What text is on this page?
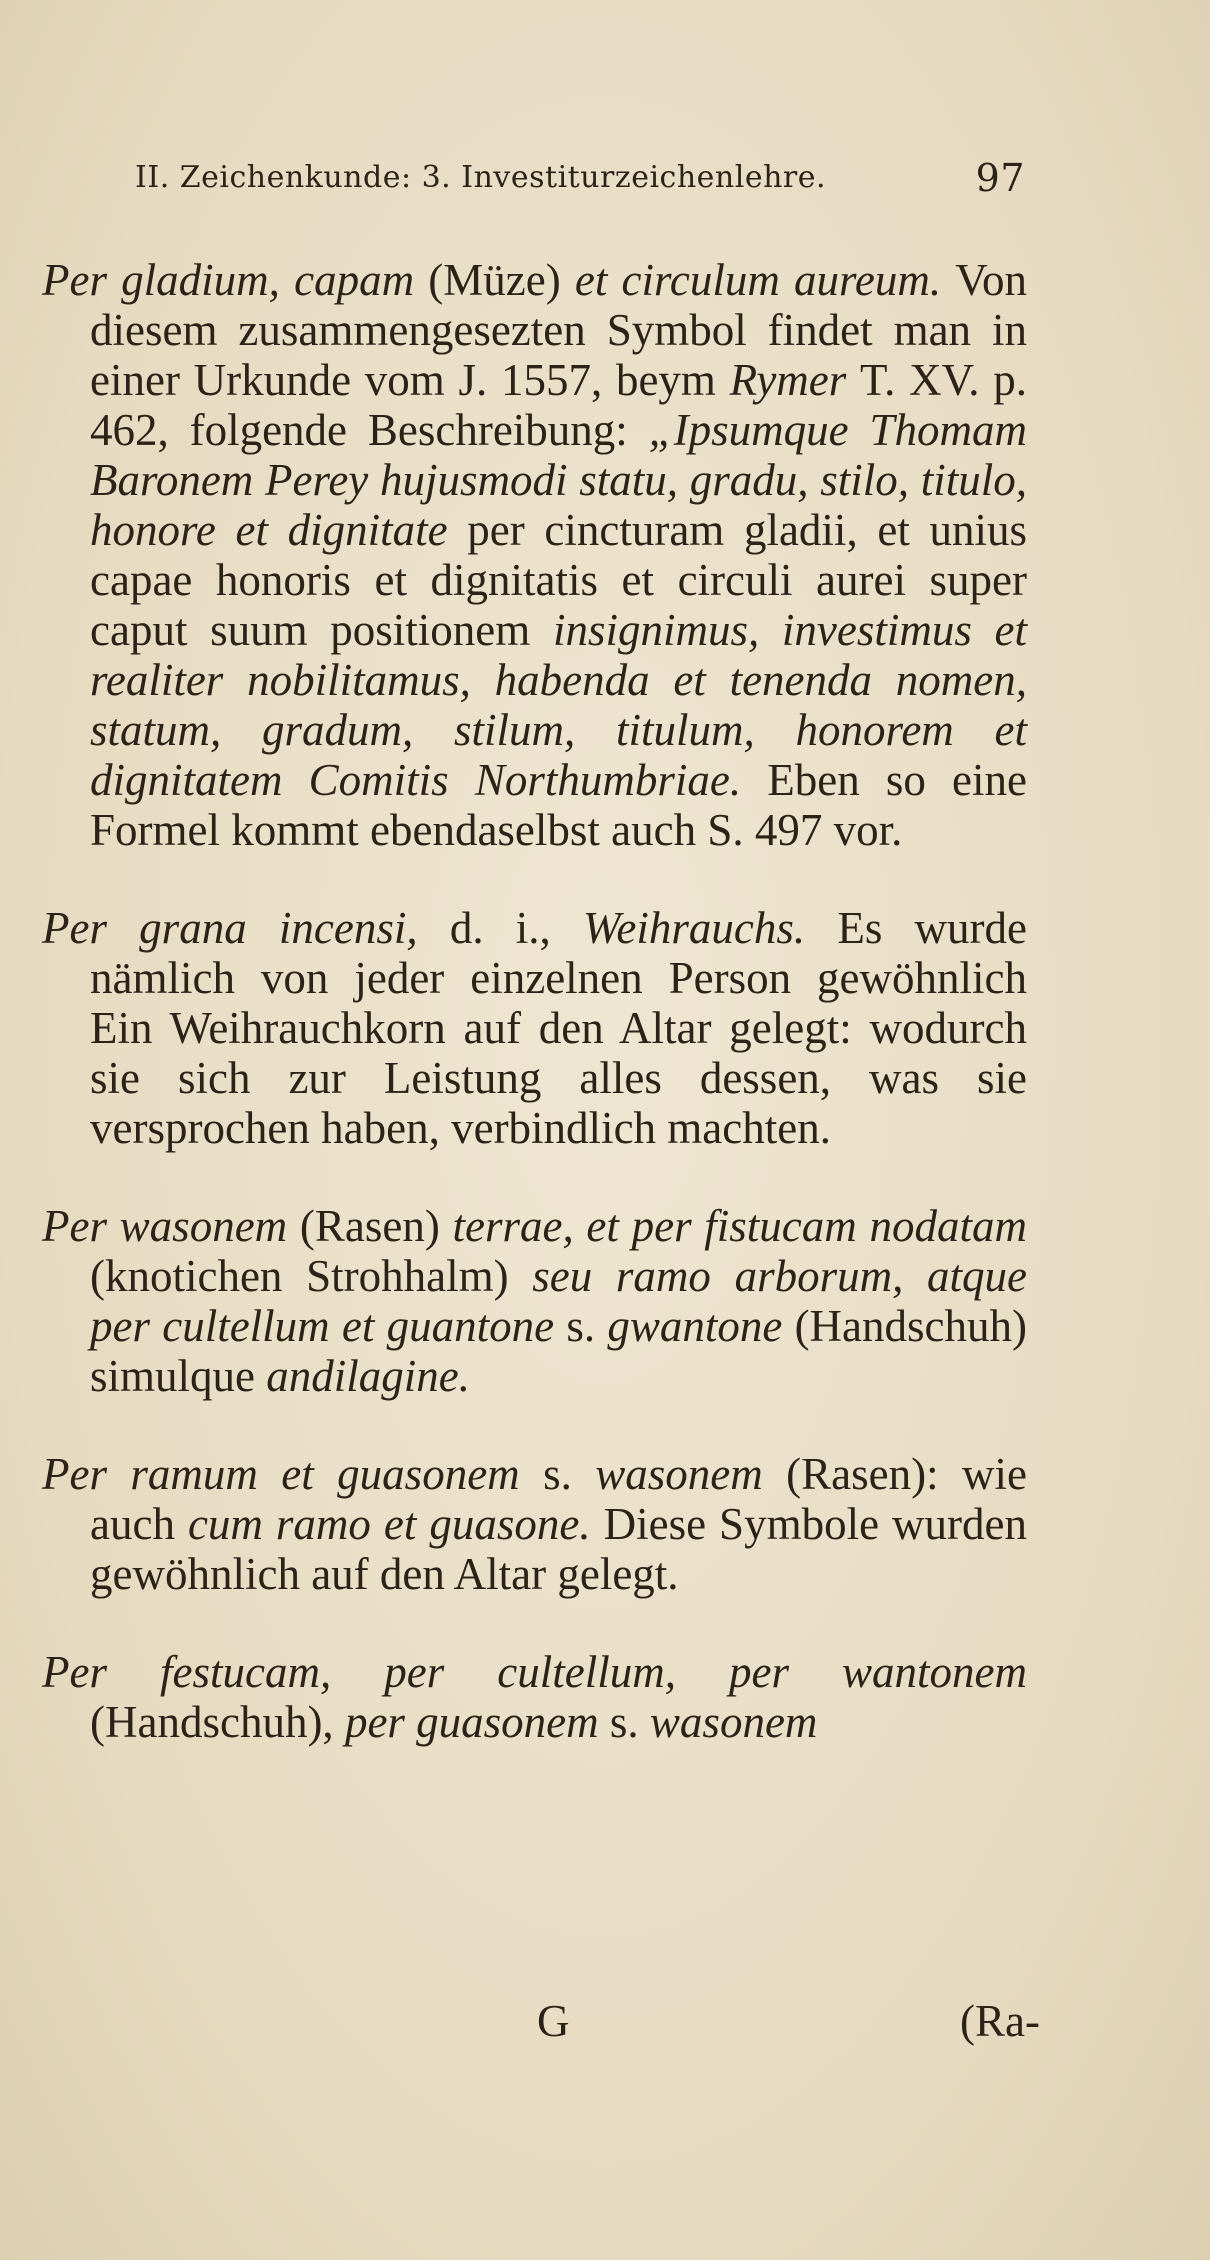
II. Zeichenkunde: 3. Investiturzeichenlehre.	97

Per gladium, capam (Müze) et circulum aureum. Von diesem zusammengesezten Symbol findet man in einer Urkunde vom J. 1557, beym Rymer T. XV. p. 462, folgende Beschreibung: „Ipsumque Thomam Baronem Perey hujusmodi statu, gradu, stilo, titulo, honore et dignitate per cincturam gladii, et unius capae honoris et dignitatis et circuli aurei super caput suum positionem insignimus, investimus et realiter nobilitamus, habenda et tenenda nomen, statum, gradum, stilum, titulum, honorem et dignitatem Comitis Northumbriae. Eben so eine Formel kommt ebendaselbst auch S. 497 vor.

Per grana incensi, d. i., Weihrauchs. Es wurde nämlich von jeder einzelnen Person gewöhnlich Ein Weihrauchkorn auf den Altar gelegt: wodurch sie sich zur Leistung alles dessen, was sie versprochen haben, verbindlich machten.

Per wasonem (Rasen) terrae, et per fistucam nodatam (knotichen Strohhalm) seu ramo arborum, atque per cultellum et guantone s. gwantone (Handschuh) simulque andilagine.

Per ramum et guasonem s. wasonem (Rasen): wie auch cum ramo et guasone. Diese Symbole wurden gewöhnlich auf den Altar gelegt.

Per festucam, per cultellum, per wantonem (Handschuh), per guasonem s. wasonem

G	(Ra-
